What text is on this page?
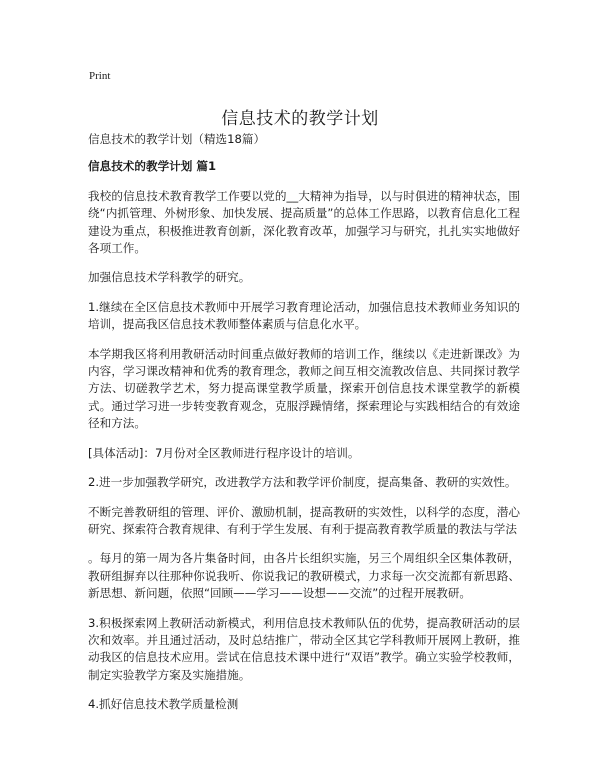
Print
信息技术的教学计划

信息技术的教学计划（精选18篇）

信息技术的教学计划 篇1

我校的信息技术教育教学工作要以党的__大精神为指导，以与时俱进的精神状态，围绕“内抓管理、外树形象、加快发展、提高质量”的总体工作思路，以教育信息化工程建设为重点，积极推进教育创新，深化教育改革，加强学习与研究，扎扎实实地做好各项工作。

加强信息技术学科教学的研究。

1.继续在全区信息技术教师中开展学习教育理论活动，加强信息技术教师业务知识的培训，提高我区信息技术教师整体素质与信息化水平。

本学期我区将利用教研活动时间重点做好教师的培训工作，继续以《走进新课改》为内容，学习课改精神和优秀的教育理念，教师之间互相交流教改信息、共同探讨教学方法、切磋教学艺术，努力提高课堂教学质量，探索开创信息技术课堂教学的新模式。通过学习进一步转变教育观念，克服浮躁情绪，探索理论与实践相结合的有效途径和方法。

[具体活动]：7月份对全区教师进行程序设计的培训。

2.进一步加强教学研究，改进教学方法和教学评价制度，提高集备、教研的实效性。

不断完善教研组的管理、评价、激励机制，提高教研的实效性，以科学的态度，潜心研究、探索符合教育规律、有利于学生发展、有利于提高教育教学质量的教法与学法

。每月的第一周为各片集备时间，由各片长组织实施，另三个周组织全区集体教研，教研组摒弃以往那种你说我听、你说我记的教研模式，力求每一次交流都有新思路、新思想、新问题，依照“回顾——学习——设想——交流”的过程开展教研。

3.积极探索网上教研活动新模式，利用信息技术教师队伍的优势，提高教研活动的层次和效率。并且通过活动，及时总结推广，带动全区其它学科教师开展网上教研，推动我区的信息技术应用。尝试在信息技术课中进行“双语”教学。确立实验学校教师，制定实验教学方案及实施措施。

4.抓好信息技术教学质量检测
